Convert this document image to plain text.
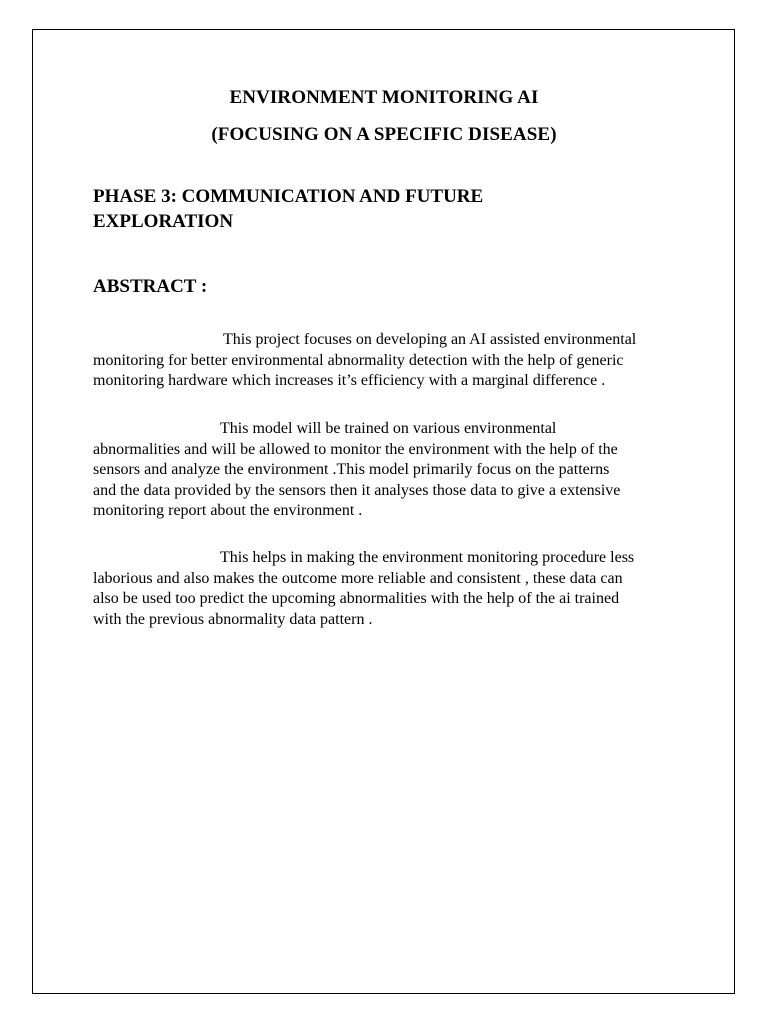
ENVIRONMENT MONITORING AI
(FOCUSING ON A SPECIFIC DISEASE)
PHASE 3: COMMUNICATION AND FUTURE
EXPLORATION
ABSTRACT :

This project focuses on developing an AI assisted environmental
monitoring for better environmental abnormality detection with the help of generic
monitoring hardware which increases it’s efficiency with a marginal difference .

This model will be trained on various environmental
abnormalities and will be allowed to monitor the environment with the help of the
sensors and analyze the environment .This model primarily focus on the patterns
and the data provided by the sensors then it analyses those data to give a extensive
monitoring report about the environment .

This helps in making the environment monitoring procedure less
laborious and also makes the outcome more reliable and consistent , these data can
also be used too predict the upcoming abnormalities with the help of the ai trained
with the previous abnormality data pattern .
